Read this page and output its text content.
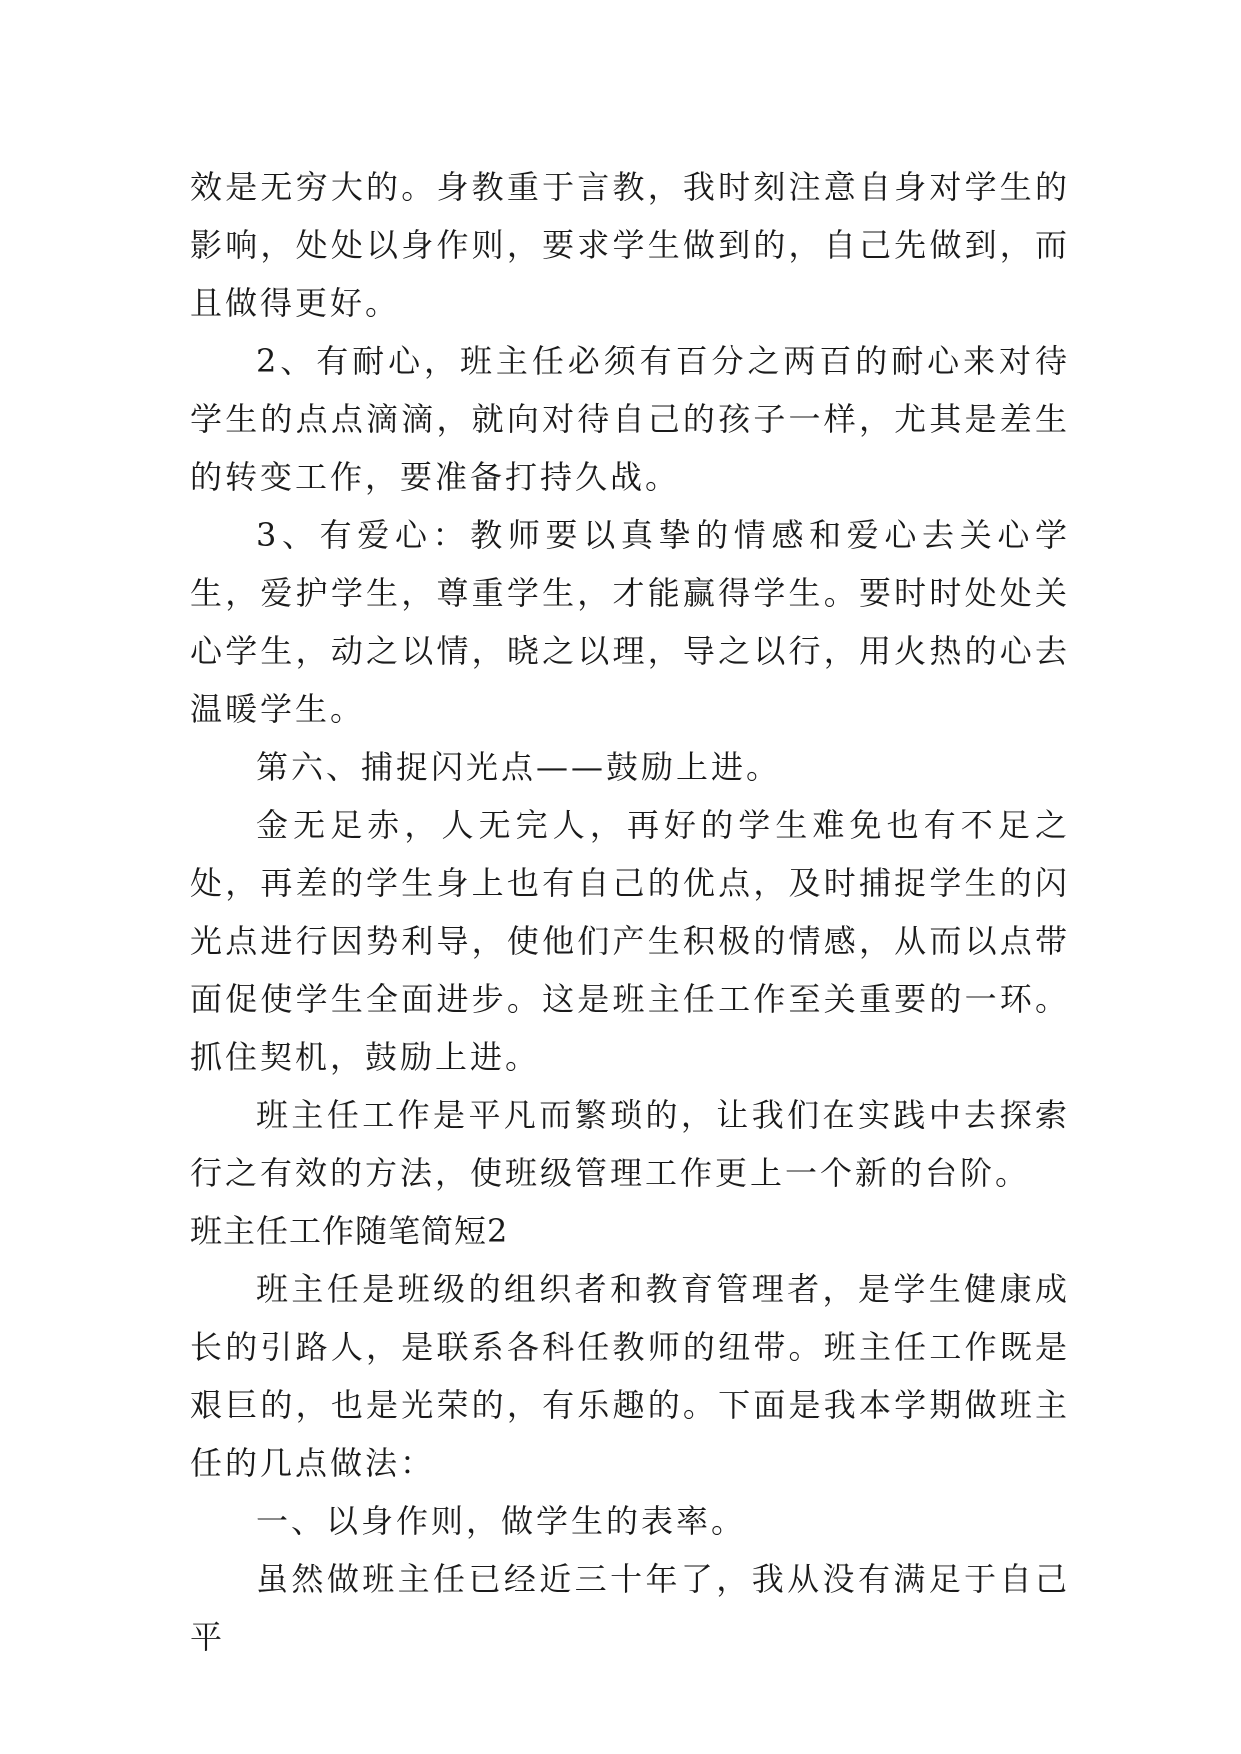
效是无穷大的。身教重于言教，我时刻注意自身对学生的影响，处处以身作则，要求学生做到的，自己先做到，而且做得更好。

2、有耐心，班主任必须有百分之两百的耐心来对待学生的点点滴滴，就向对待自己的孩子一样，尤其是差生的转变工作，要准备打持久战。

3、有爱心：教师要以真挚的情感和爱心去关心学生，爱护学生，尊重学生，才能赢得学生。要时时处处关心学生，动之以情，晓之以理，导之以行，用火热的心去温暖学生。

第六、捕捉闪光点——鼓励上进。

金无足赤，人无完人，再好的学生难免也有不足之处，再差的学生身上也有自己的优点，及时捕捉学生的闪光点进行因势利导，使他们产生积极的情感，从而以点带面促使学生全面进步。这是班主任工作至关重要的一环。抓住契机，鼓励上进。

班主任工作是平凡而繁琐的，让我们在实践中去探索行之有效的方法，使班级管理工作更上一个新的台阶。

班主任工作随笔简短2

班主任是班级的组织者和教育管理者，是学生健康成长的引路人，是联系各科任教师的纽带。班主任工作既是艰巨的，也是光荣的，有乐趣的。下面是我本学期做班主任的几点做法：

一、以身作则，做学生的表率。

虽然做班主任已经近三十年了，我从没有满足于自己平
